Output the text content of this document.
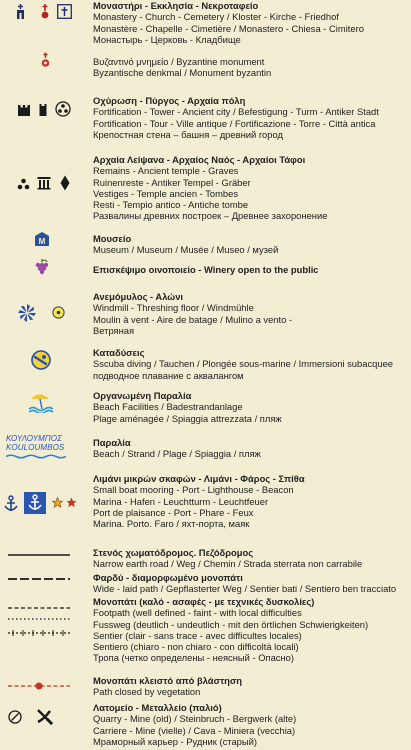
Μοναστήρι - Εκκλησία - Νεκροταφείο
Monastery - Church - Cemetery / Kloster - Kirche - Friedhof
Monastère - Chapelle - Cimetière / Monastero - Chiesa - Cimitero
Монастырь - Церковь - Кладбище
Βυζαντινό μνημείο / Byzantine monument
Byzantische denkmal / Monument byzantin
Οχύρωση - Πύργος - Αρχαία πόλη
Fortification - Tower - Ancient city / Befestigung - Turm - Antiker Stadt
Fortification - Tour - Ville antique / Fortificazione - Torre - Città antica
Крепостная стена – башня – древний город
Αρχαία Λείψανα - Αρχαίος Ναός - Αρχαίοι Τάφοι
Remains - Ancient temple - Graves
Ruinenreste - Antiker Tempel - Gräber
Vestiges - Temple ancien - Tombes
Resti - Tempio antico - Antiche tombe
Развалины древних построек – Древнее захоронение
M	Μουσείο
Museum / Museum / Musée / Museo / музей
Επισκέψιμο οινοποιείο - Winery open to the public
Ανεμόμυλος - Αλώνι
Windmill - Threshing floor / Windmühle
Moulin à vent - Aire de batage / Mulino a vento -
Ветряная
Καταδύσεις
Sscuba diving / Tauchen / Plongée sous-marine / Immersioni subacquee
подводное плавание с аквалангом
Οργανωμένη Παραλία
Beach Facilities / Badestrandanlage
Plage aménagée / Spiaggia attrezzata / пляж
ΚΟΥΛΟΥΜΠΟΣ
KOULOUMBOS	Παραλία
Beach / Strand / Plage / Spiaggia / пляж
Λιμάνι μικρών σκαφών - Λιμάνι - Φάρος - Σπίθα
Small boat mooring - Port - Lighthouse - Beacon
Marina - Hafen - Leuchtturm - Leuchtfeuer
Port de plaisance - Port - Phare - Feux
Marina. Porto. Faro / яхт-порта, маяк
Στενός χωματόδρομος. Πεζόδρομος
Narrow earth road / Weg / Chemin / Strada sterrata non carrabile
Φαρδύ - διαμορφωμένο μονοπάτι
Wide - laid path / Gepflasterter Weg / Sentier bati / Sentiero ben tracciato
Μονοπάτι (καλό - ασαφές - με τεχνικές δυσκολίες)
Footpath (well defined - faint - with local difficulties
Fussweg (deutlich - undeutlich - mit den örtlichen Schwierigkeiten)
Sentier (clair - sans trace - avec difficultes locales)
Sentiero (chiaro - non chiaro - con difficoltà locali)
Тропа (четко определены - неясный - Опасно)
Μονοπάτι κλειστό από βλάστηση
Path closed by vegetation
Λατομείο - Μεταλλείο (παλιό)
Quarry - Mine (old) / Steinbruch - Bergwerk (alte)
Carriere - Mine (vielle) / Cava - Miniera (vecchia)
Мраморный карьер - Рудник (старый)
